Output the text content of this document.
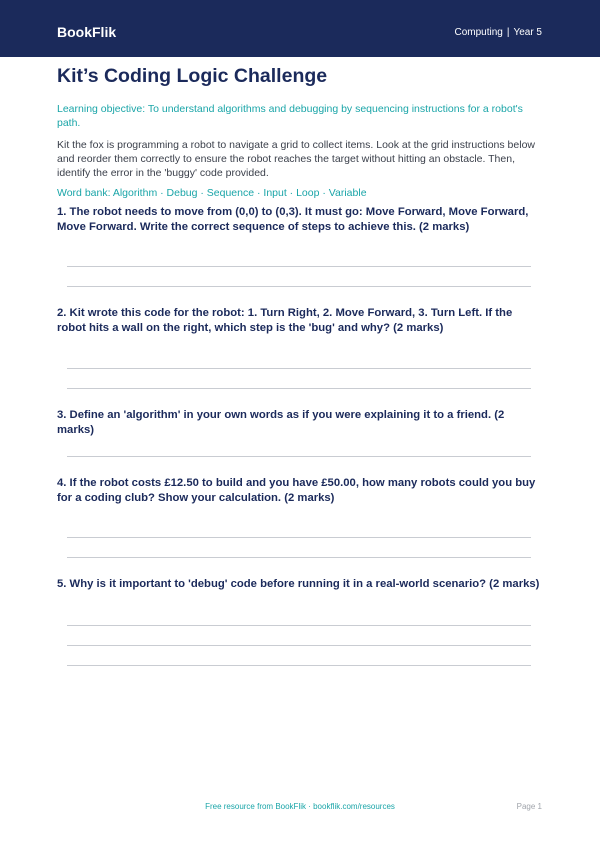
BookFlik	Computing | Year 5
Kit’s Coding Logic Challenge
Learning objective: To understand algorithms and debugging by sequencing instructions for a robot's path.
Kit the fox is programming a robot to navigate a grid to collect items. Look at the grid instructions below and reorder them correctly to ensure the robot reaches the target without hitting an obstacle. Then, identify the error in the 'buggy' code provided.
Word bank: Algorithm · Debug · Sequence · Input · Loop · Variable
1. The robot needs to move from (0,0) to (0,3). It must go: Move Forward, Move Forward, Move Forward. Write the correct sequence of steps to achieve this. (2 marks)
2. Kit wrote this code for the robot: 1. Turn Right, 2. Move Forward, 3. Turn Left. If the robot hits a wall on the right, which step is the 'bug' and why? (2 marks)
3. Define an 'algorithm' in your own words as if you were explaining it to a friend. (2 marks)
4. If the robot costs £12.50 to build and you have £50.00, how many robots could you buy for a coding club? Show your calculation. (2 marks)
5. Why is it important to 'debug' code before running it in a real-world scenario? (2 marks)
Free resource from BookFlik · bookflik.com/resources	Page 1
